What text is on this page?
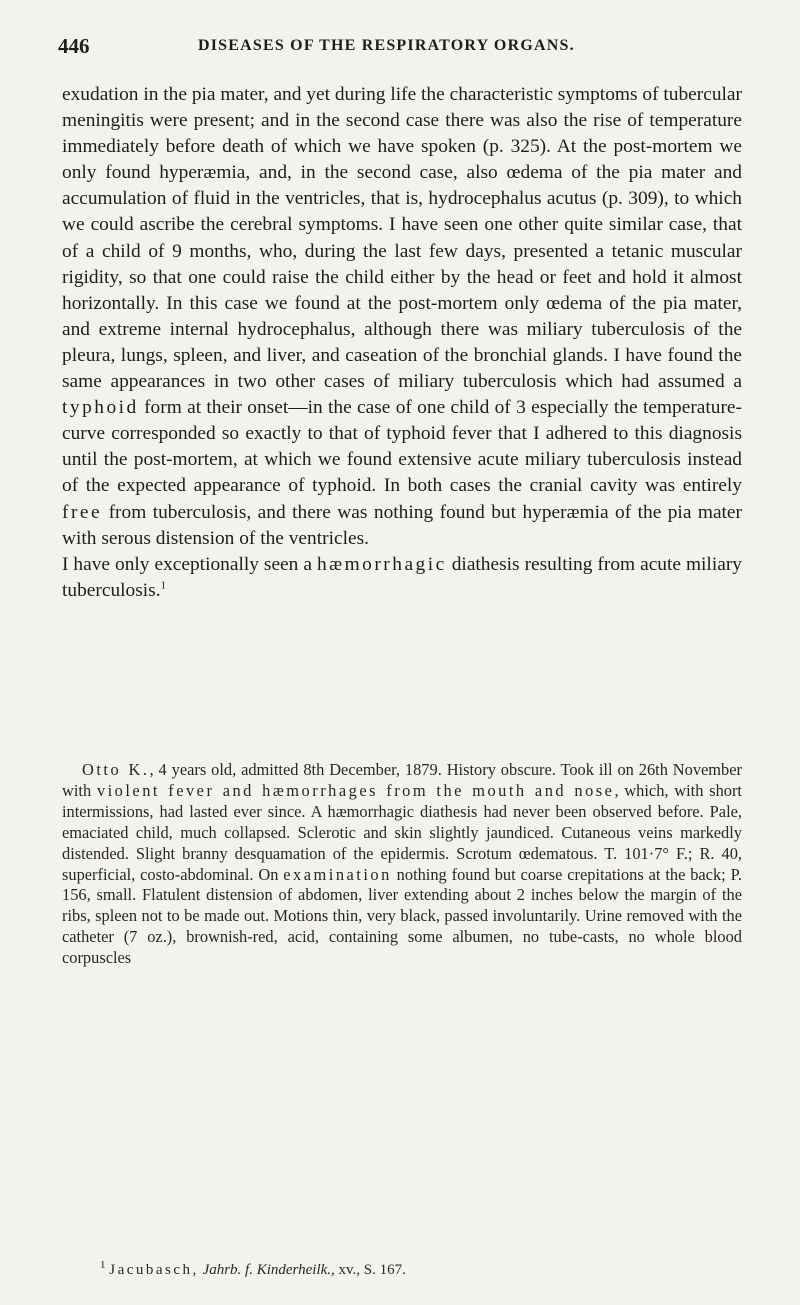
446	DISEASES OF THE RESPIRATORY ORGANS.

exudation in the pia mater, and yet during life the characteristic symptoms of tubercular meningitis were present; and in the second case there was also the rise of temperature immediately before death of which we have spoken (p. 325). At the post-mortem we only found hyperæmia, and, in the second case, also œdema of the pia mater and accumulation of fluid in the ventricles, that is, hydrocephalus acutus (p. 309), to which we could ascribe the cerebral symptoms. I have seen one other quite similar case, that of a child of 9 months, who, during the last few days, presented a tetanic muscular rigidity, so that one could raise the child either by the head or feet and hold it almost horizontally. In this case we found at the post-mortem only œdema of the pia mater, and extreme internal hydrocephalus, although there was miliary tuberculosis of the pleura, lungs, spleen, and liver, and caseation of the bronchial glands. I have found the same appearances in two other cases of miliary tuberculosis which had assumed a typhoid form at their onset—in the case of one child of 3 especially the temperature-curve corresponded so exactly to that of typhoid fever that I adhered to this diagnosis until the post-mortem, at which we found extensive acute miliary tuberculosis instead of the expected appearance of typhoid. In both cases the cranial cavity was entirely free from tuberculosis, and there was nothing found but hyperæmia of the pia mater with serous distension of the ventricles.

I have only exceptionally seen a hæmorrhagic diathesis resulting from acute miliary tuberculosis.$^1$

Otto K., 4 years old, admitted 8th December, 1879. History obscure. Took ill on 26th November with violent fever and hæmorrhages from the mouth and nose, which, with short intermissions, had lasted ever since. A hæmorrhagic diathesis had never been observed before. Pale, emaciated child, much collapsed. Sclerotic and skin slightly jaundiced. Cutaneous veins markedly distended. Slight branny desquamation of the epidermis. Scrotum œdematous. T. 101·7° F.; R. 40, superficial, costo-abdominal. On examination nothing found but coarse crepitations at the back; P. 156, small. Flatulent distension of abdomen, liver extending about 2 inches below the margin of the ribs, spleen not to be made out. Motions thin, very black, passed involuntarily. Urine removed with the catheter (7 oz.), brownish-red, acid, containing some albumen, no tube-casts, no whole blood corpuscles

$^1$ Jacubasch, Jahrb. f. Kinderheilk., xv., S. 167.
